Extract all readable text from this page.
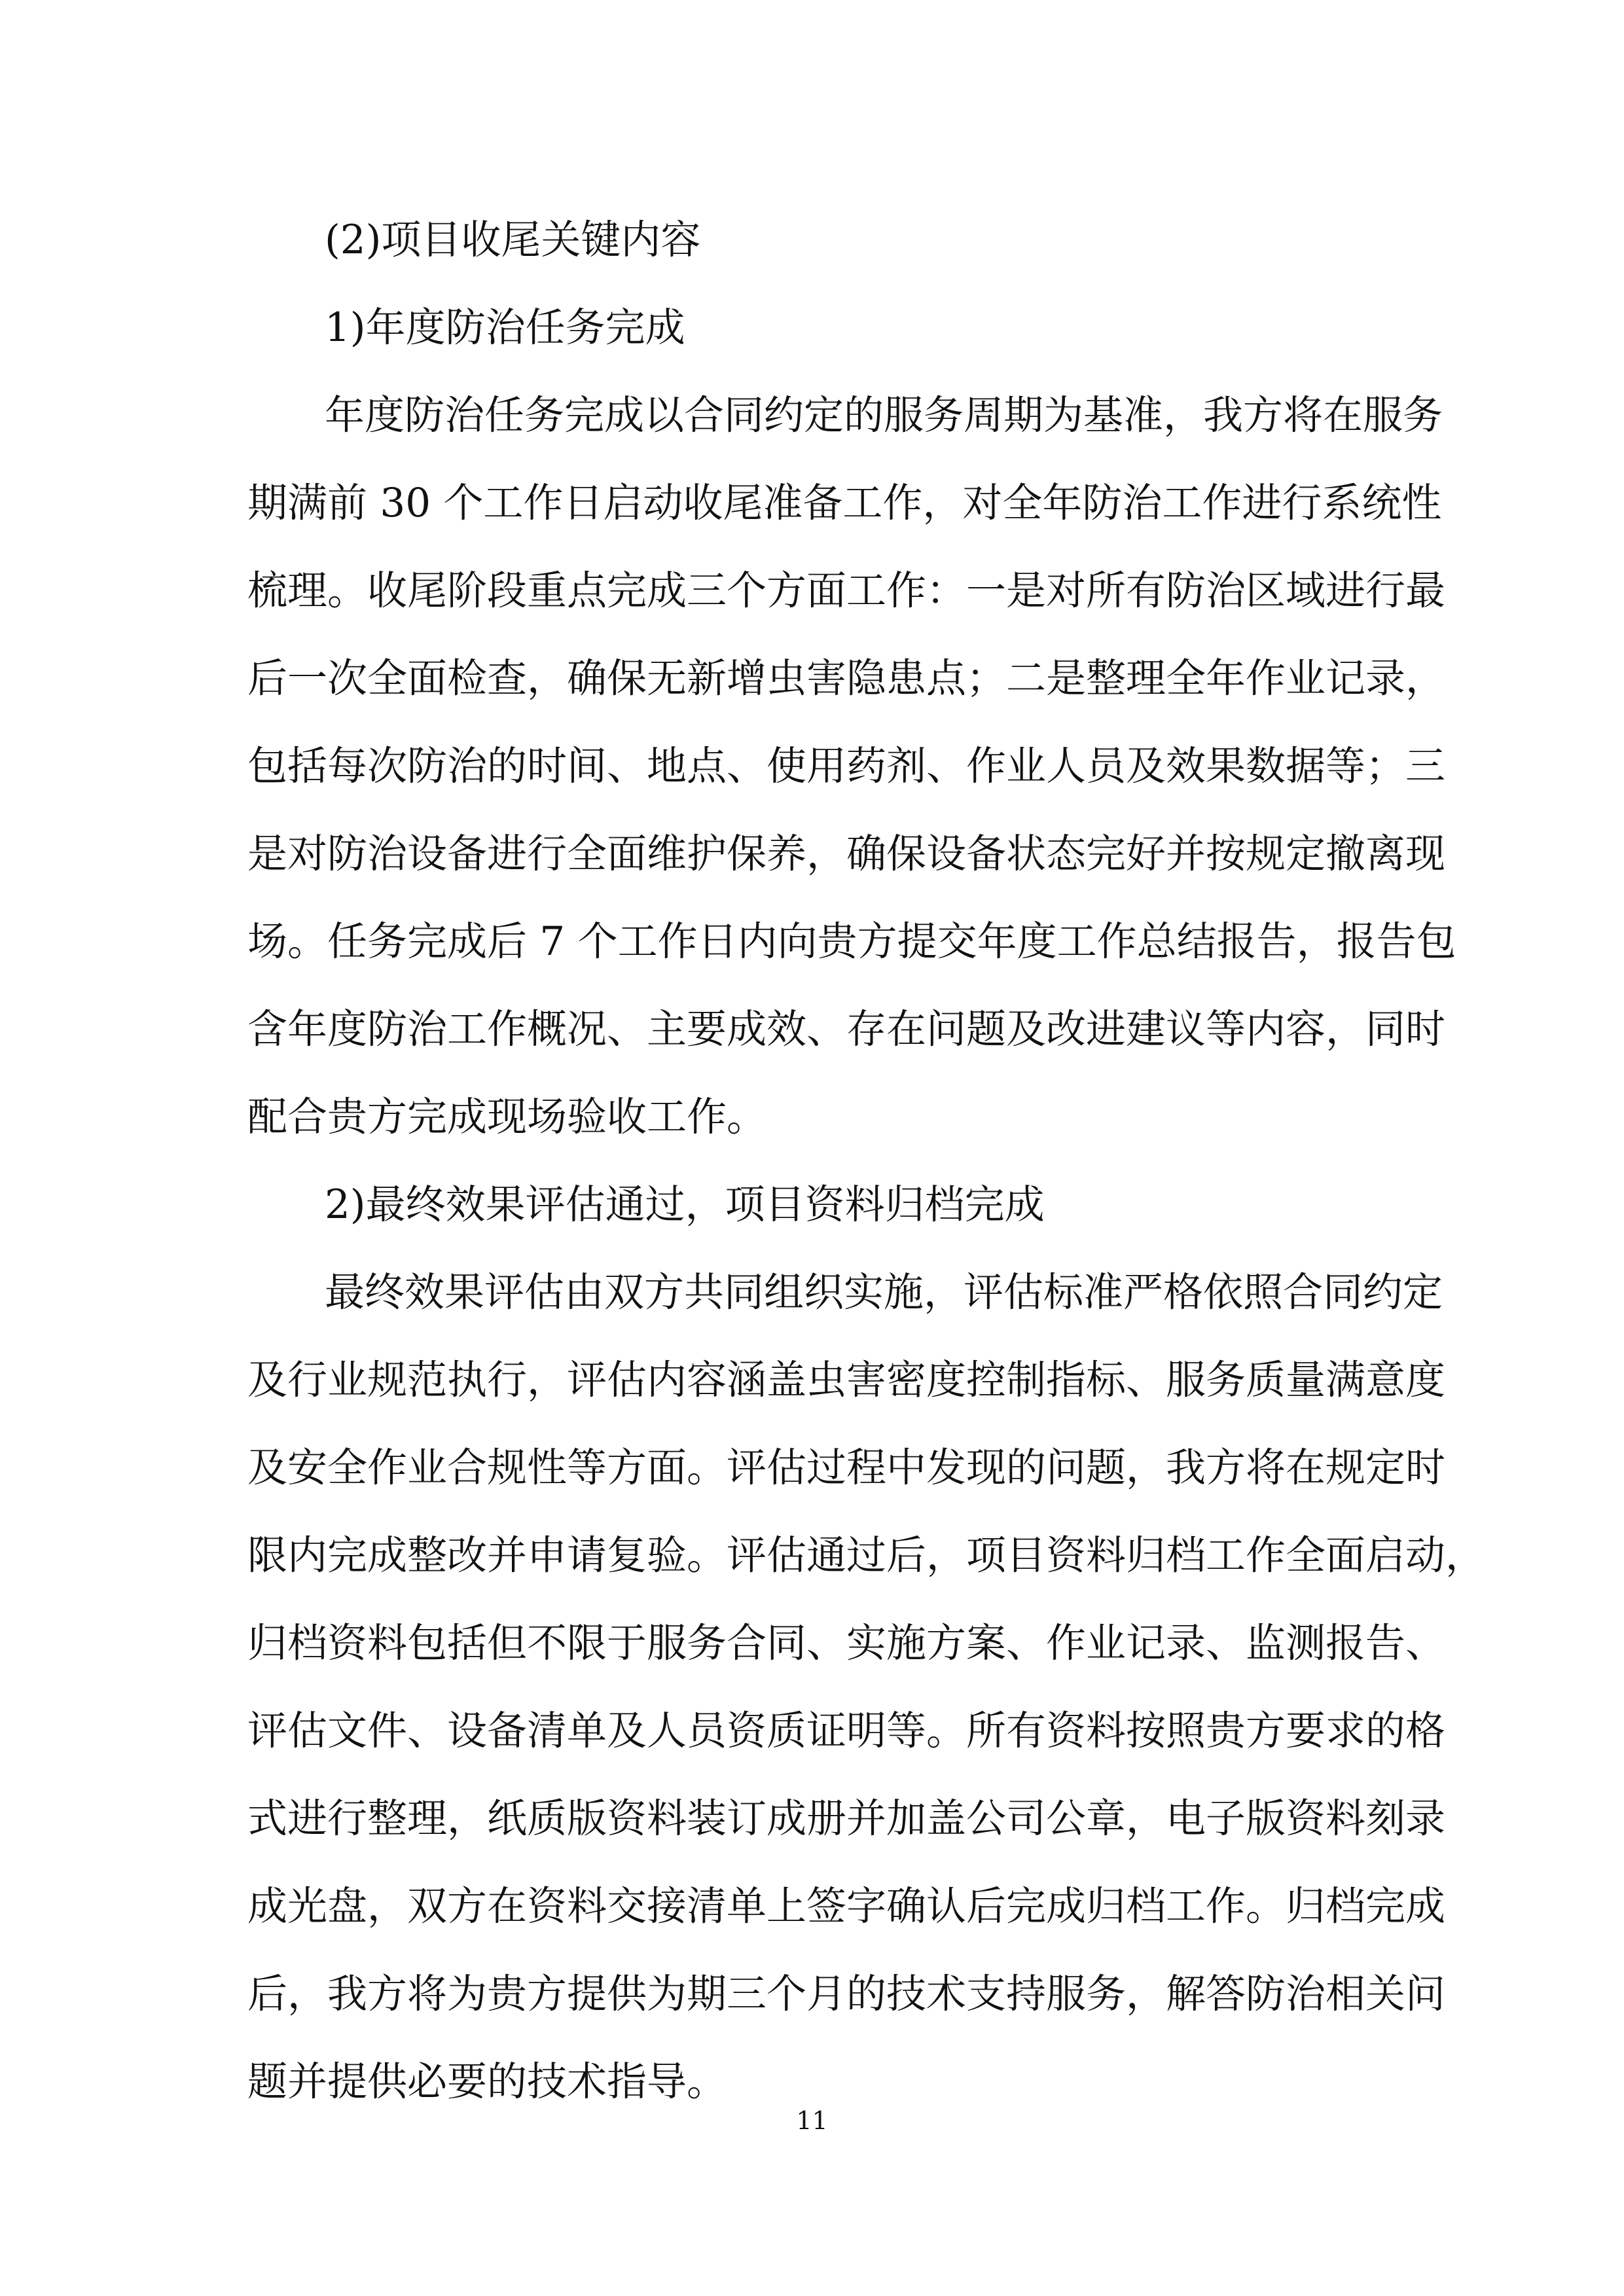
(2)项目收尾关键内容
1)年度防治任务完成
年度防治任务完成以合同约定的服务周期为基准，我方将在服务
期满前 30 个工作日启动收尾准备工作，对全年防治工作进行系统性
梳理。收尾阶段重点完成三个方面工作：一是对所有防治区域进行最
后一次全面检查，确保无新增虫害隐患点；二是整理全年作业记录，
包括每次防治的时间、地点、使用药剂、作业人员及效果数据等；三
是对防治设备进行全面维护保养，确保设备状态完好并按规定撤离现
场。任务完成后 7 个工作日内向贵方提交年度工作总结报告，报告包
含年度防治工作概况、主要成效、存在问题及改进建议等内容，同时
配合贵方完成现场验收工作。
2)最终效果评估通过，项目资料归档完成
最终效果评估由双方共同组织实施，评估标准严格依照合同约定
及行业规范执行，评估内容涵盖虫害密度控制指标、服务质量满意度
及安全作业合规性等方面。评估过程中发现的问题，我方将在规定时
限内完成整改并申请复验。评估通过后，项目资料归档工作全面启动，
归档资料包括但不限于服务合同、实施方案、作业记录、监测报告、
评估文件、设备清单及人员资质证明等。所有资料按照贵方要求的格
式进行整理，纸质版资料装订成册并加盖公司公章，电子版资料刻录
成光盘，双方在资料交接清单上签字确认后完成归档工作。归档完成
后，我方将为贵方提供为期三个月的技术支持服务，解答防治相关问
题并提供必要的技术指导。
11
